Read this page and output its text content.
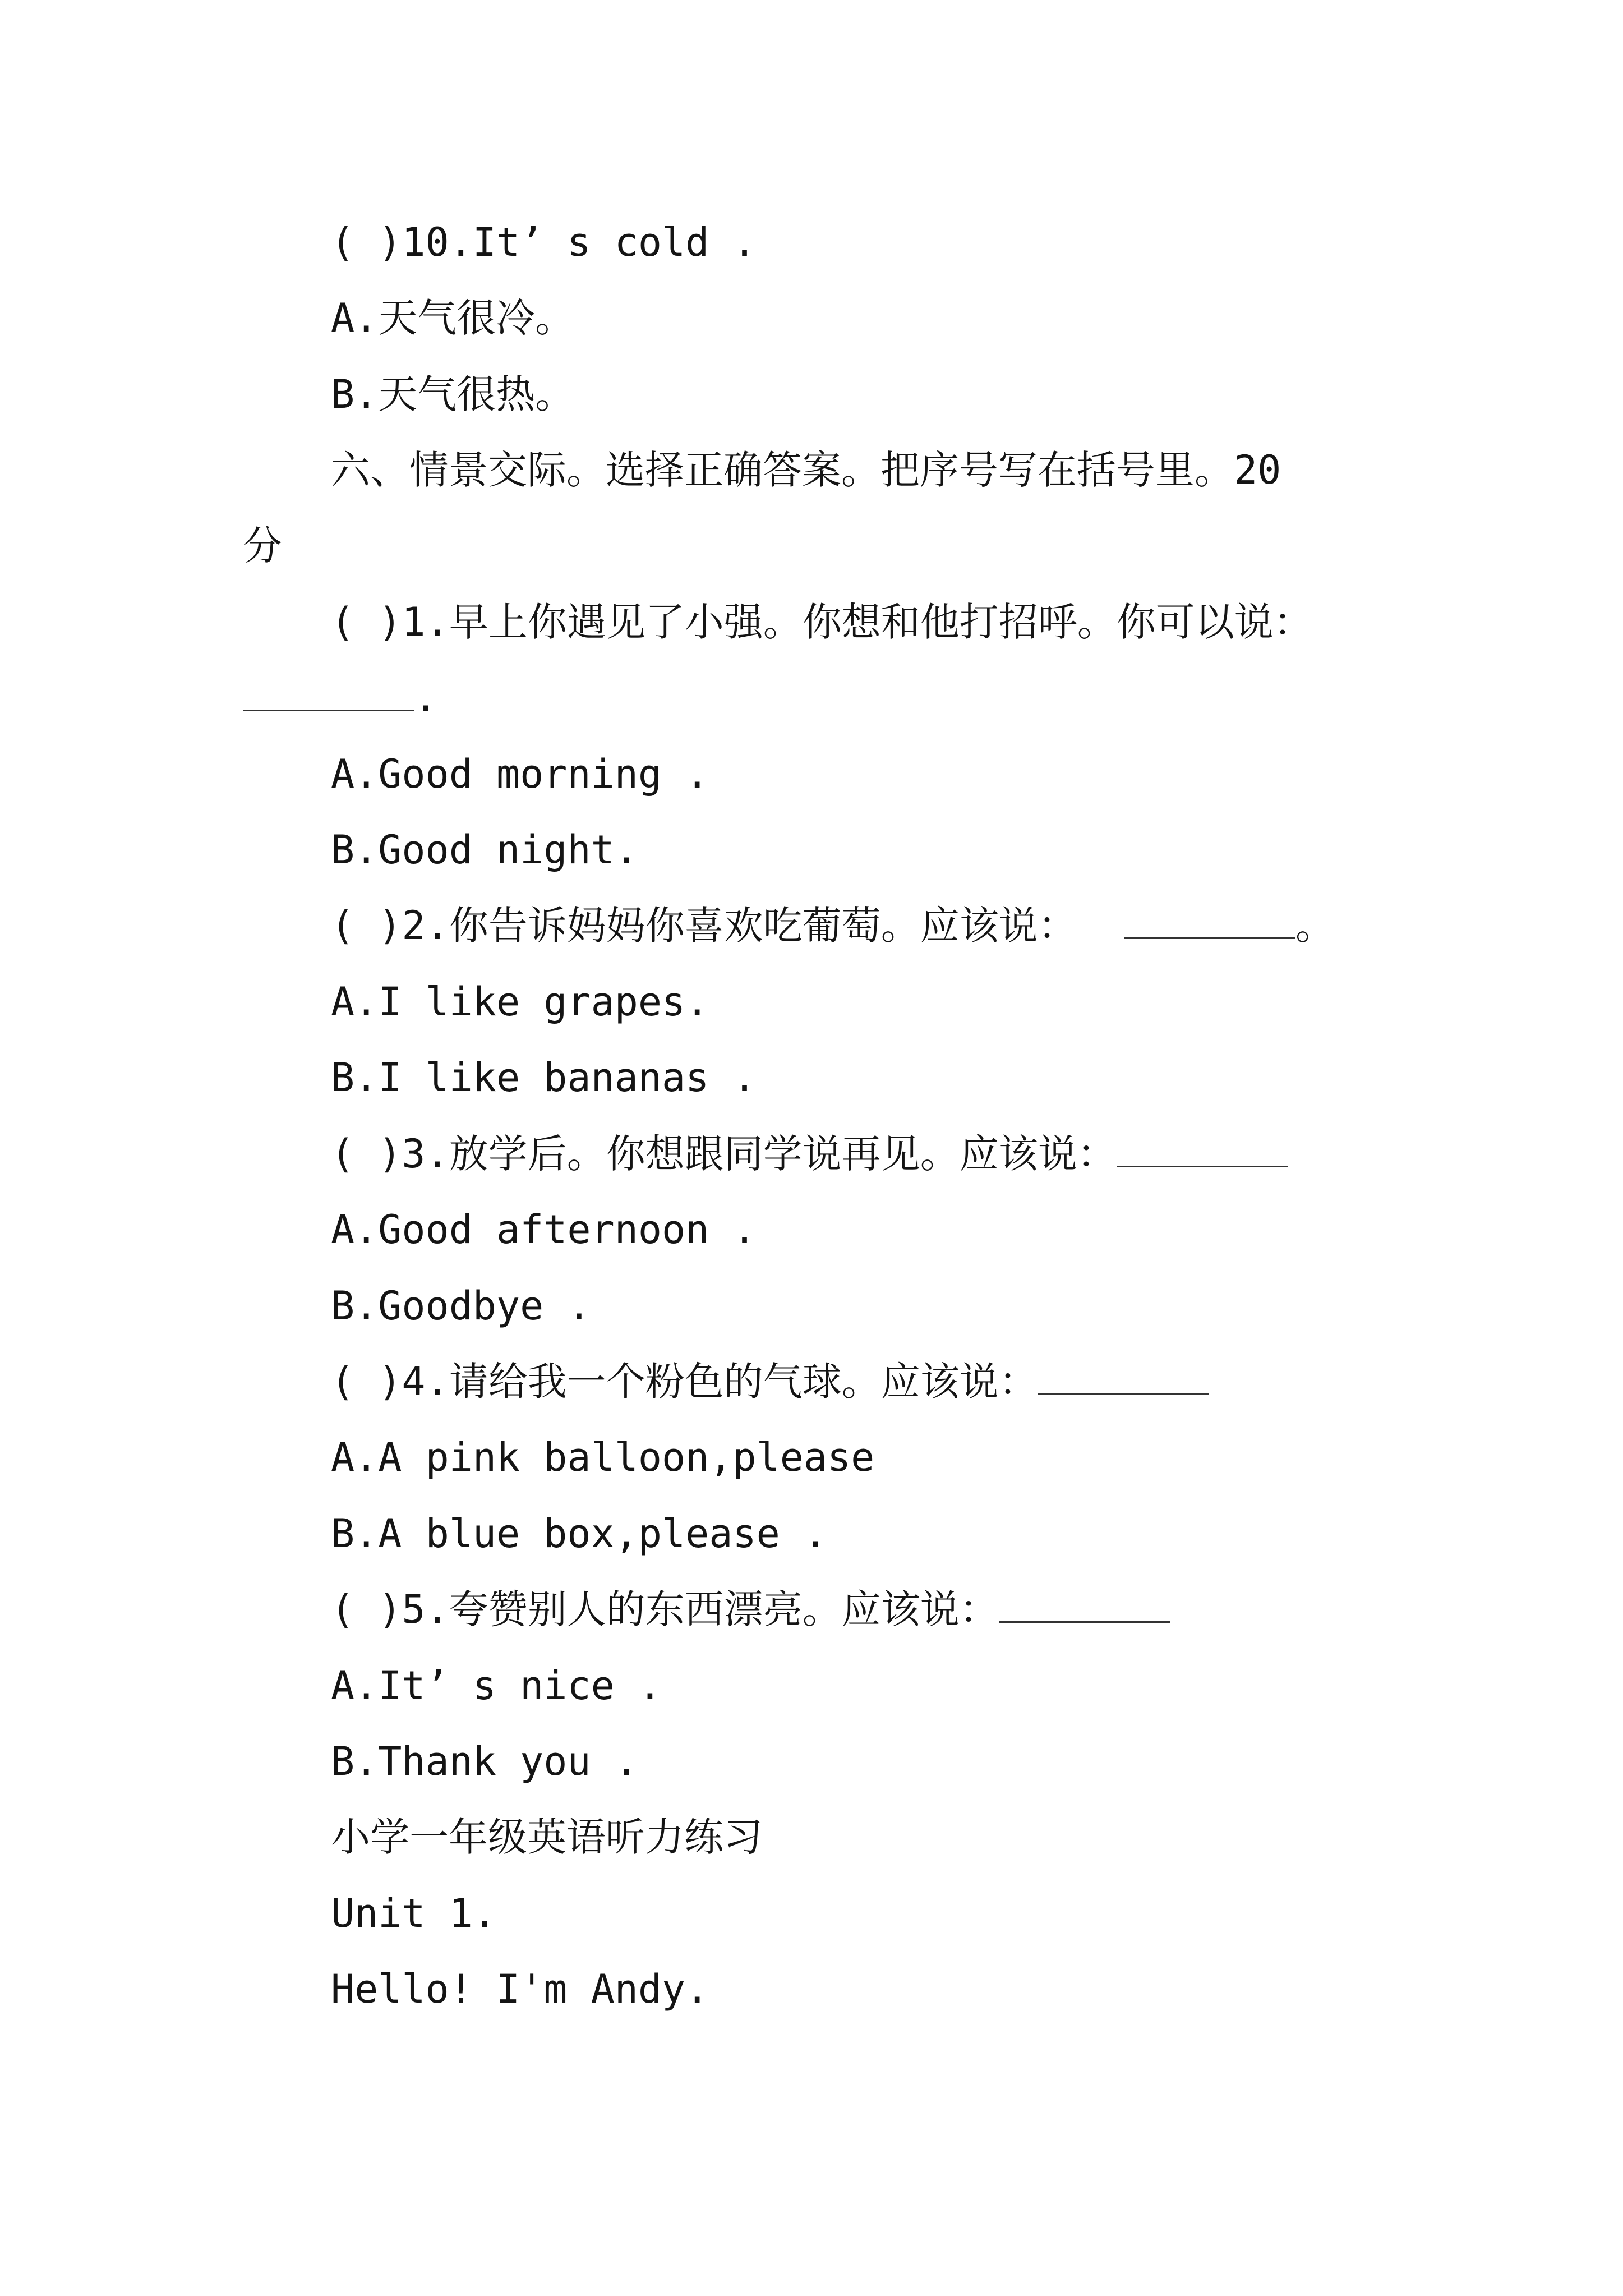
( )10.It’ s cold .

A.天气很冷。

B.天气很热。

六、情景交际。选择正确答案。把序号写在括号里。20

分

( )1.早上你遇见了小强。你想和他打招呼。你可以说：

.

A.Good morning .

B.Good night.

( )2.你告诉妈妈你喜欢吃葡萄。应该说：	。

A.I like grapes.

B.I like bananas .

( )3.放学后。你想跟同学说再见。应该说：

A.Good afternoon .

B.Goodbye .

( )4.请给我一个粉色的气球。应该说：

A.A pink balloon,please

B.A blue box,please .

( )5.夸赞别人的东西漂亮。应该说：

A.It’ s nice .

B.Thank you .

小学一年级英语听力练习

Unit 1.

Hello! I'm Andy.
